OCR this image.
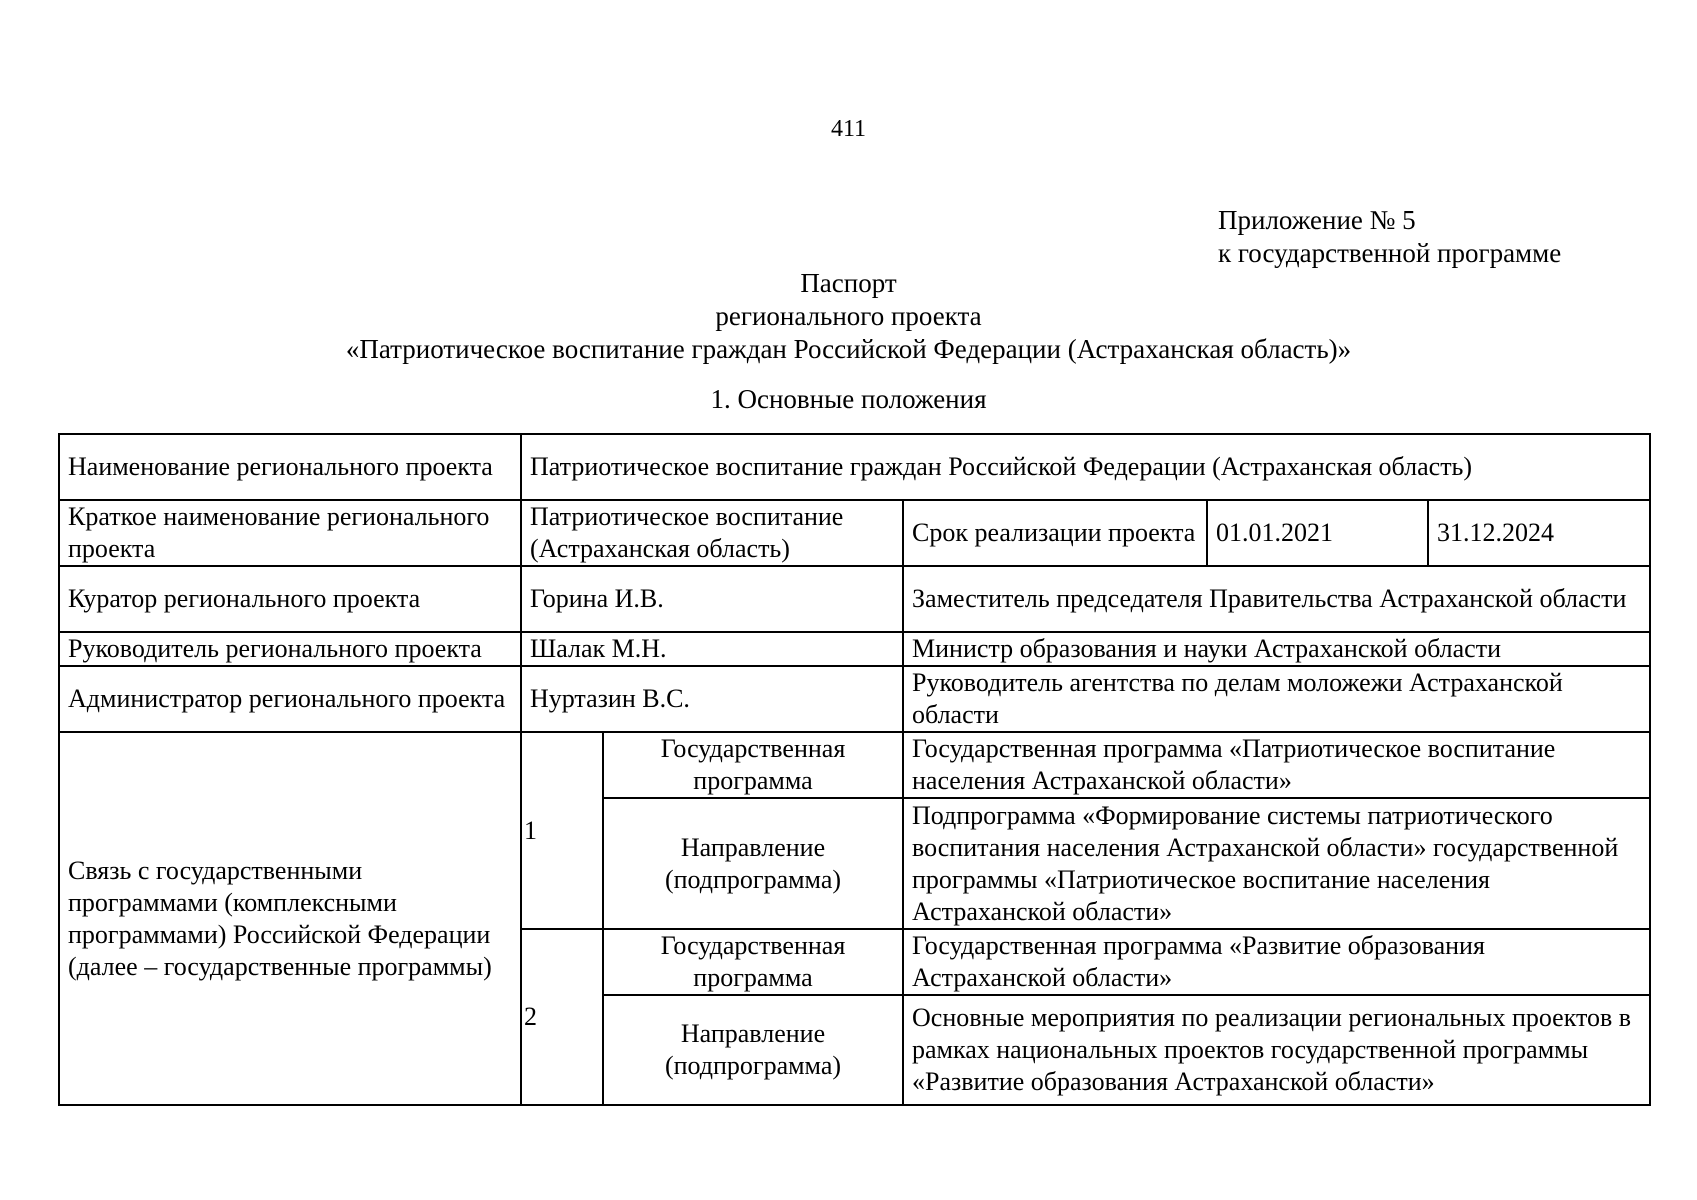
411
Приложение № 5
к государственной программе
Паспорт
регионального проекта
«Патриотическое воспитание граждан Российской Федерации (Астраханская область)»
1. Основные положения
Наименование регионального проекта	Патриотическое воспитание граждан Российской Федерации (Астраханская область)				
Краткое наименование регионального проекта	Патриотическое воспитание (Астраханская область)		Срок реализации проекта	01.01.2021	31.12.2024
Куратор регионального проекта	Горина И.В.		Заместитель председателя Правительства Астраханской области		
Руководитель регионального проекта	Шалак М.Н.		Министр образования и науки Астраханской области		
Администратор регионального проекта	Нуртазин В.С.		Руководитель агентства по делам моложежи Астраханской области		
Связь с государственными программами (комплексными программами) Российской Федерации (далее – государственные программы)	1	Государственная программа	Государственная программа «Патриотическое воспитание населения Астраханской области»		
		Направление (подпрограмма)	Подпрограмма «Формирование системы патриотического воспитания населения Астраханской области» государственной программы «Патриотическое воспитание населения Астраханской области»		
	2	Государственная программа	Государственная программа «Развитие образования Астраханской области»		
		Направление (подпрограмма)	Основные мероприятия по реализации региональных проектов в рамках национальных проектов государственной программы «Развитие образования Астраханской области»		
